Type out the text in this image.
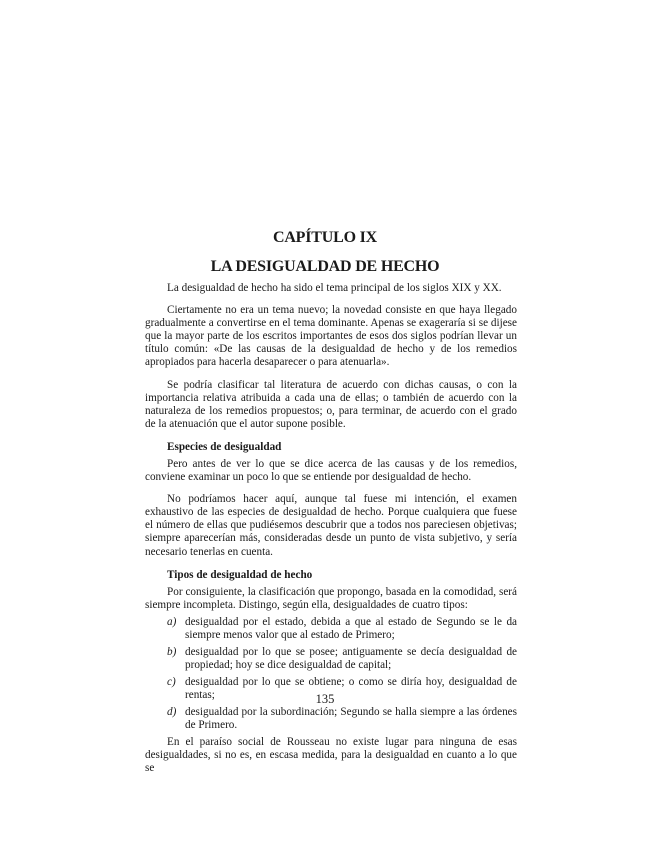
CAPÍTULO IX
LA DESIGUALDAD DE HECHO

La desigualdad de hecho ha sido el tema principal de los siglos XIX y XX.

Ciertamente no era un tema nuevo; la novedad consiste en que haya llegado gradualmente a convertirse en el tema dominante. Apenas se exageraría si se dijese que la mayor parte de los escritos importantes de esos dos siglos podrían llevar un título común: «De las causas de la desigualdad de hecho y de los remedios apropiados para hacerla desaparecer o para atenuarla».

Se podría clasificar tal literatura de acuerdo con dichas causas, o con la importancia relativa atribuida a cada una de ellas; o también de acuerdo con la naturaleza de los remedios propuestos; o, para terminar, de acuerdo con el grado de la atenuación que el autor supone posible.

Especies de desigualdad

Pero antes de ver lo que se dice acerca de las causas y de los remedios, conviene examinar un poco lo que se entiende por desigualdad de hecho.

No podríamos hacer aquí, aunque tal fuese mi intención, el examen exhaustivo de las especies de desigualdad de hecho. Porque cualquiera que fuese el número de ellas que pudiésemos descubrir que a todos nos pareciesen objetivas; siempre aparecerían más, consideradas desde un punto de vista subjetivo, y sería necesario tenerlas en cuenta.

Tipos de desigualdad de hecho

Por consiguiente, la clasificación que propongo, basada en la comodidad, será siempre incompleta. Distingo, según ella, desigualdades de cuatro tipos:

a) desigualdad por el estado, debida a que al estado de Segundo se le da siempre menos valor que al estado de Primero;
b) desigualdad por lo que se posee; antiguamente se decía desigualdad de propiedad; hoy se dice desigualdad de capital;
c) desigualdad por lo que se obtiene; o como se diría hoy, desigualdad de rentas;
d) desigualdad por la subordinación; Segundo se halla siempre a las órdenes de Primero.

En el paraíso social de Rousseau no existe lugar para ninguna de esas desigualdades, si no es, en escasa medida, para la desigualdad en cuanto a lo que se

135
